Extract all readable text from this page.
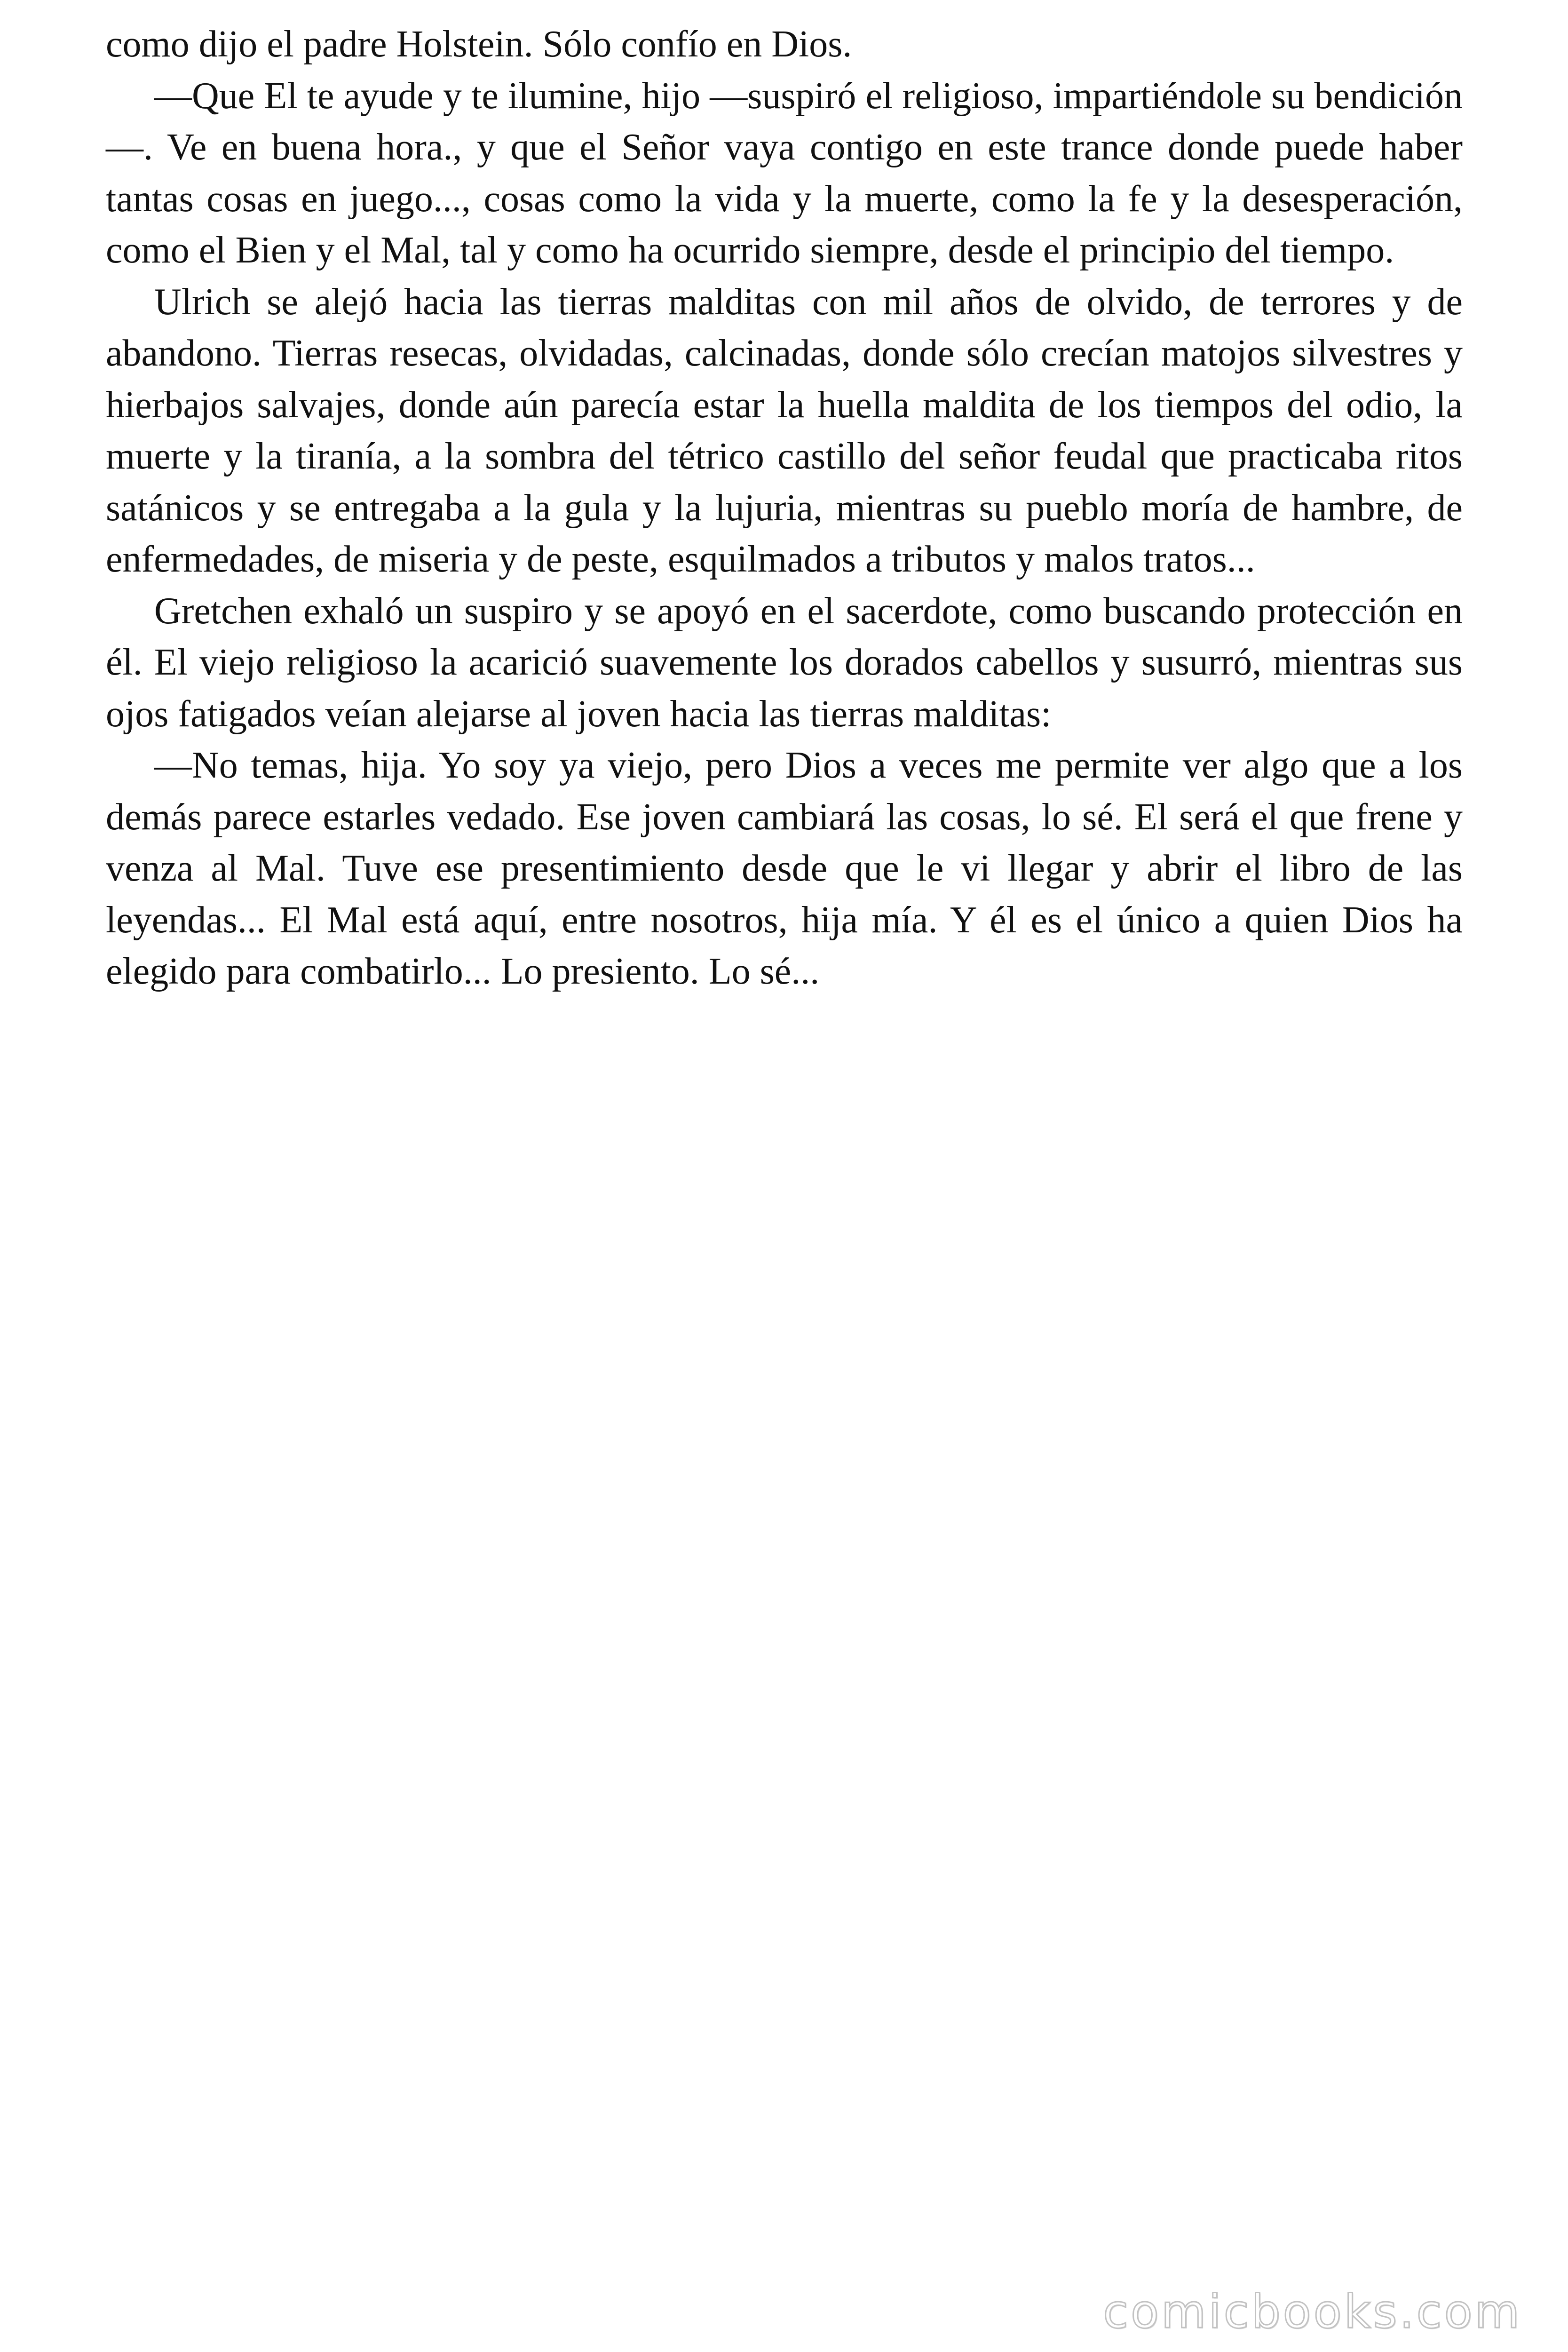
como dijo el padre Holstein. Sólo confío en Dios.

—Que El te ayude y te ilumine, hijo —suspiró el religioso, impartiéndole su bendición—. Ve en buena hora., y que el Señor vaya contigo en este trance donde puede haber tantas cosas en juego..., cosas como la vida y la muerte, como la fe y la desesperación, como el Bien y el Mal, tal y como ha ocurrido siempre, desde el principio del tiempo.

Ulrich se alejó hacia las tierras malditas con mil años de olvido, de terrores y de abandono. Tierras resecas, olvidadas, calcinadas, donde sólo crecían matojos silvestres y hierbajos salvajes, donde aún parecía estar la huella maldita de los tiempos del odio, la muerte y la tiranía, a la sombra del tétrico castillo del señor feudal que practicaba ritos satánicos y se entregaba a la gula y la lujuria, mientras su pueblo moría de hambre, de enfermedades, de miseria y de peste, esquilmados a tributos y malos tratos...

Gretchen exhaló un suspiro y se apoyó en el sacerdote, como buscando protección en él. El viejo religioso la acarició suavemente los dorados cabellos y susurró, mientras sus ojos fatigados veían alejarse al joven hacia las tierras malditas:

—No temas, hija. Yo soy ya viejo, pero Dios a veces me permite ver algo que a los demás parece estarles vedado. Ese joven cambiará las cosas, lo sé. El será el que frene y venza al Mal. Tuve ese presentimiento desde que le vi llegar y abrir el libro de las leyendas... El Mal está aquí, entre nosotros, hija mía. Y él es el único a quien Dios ha elegido para combatirlo... Lo presiento. Lo sé...

comicbooks.com
